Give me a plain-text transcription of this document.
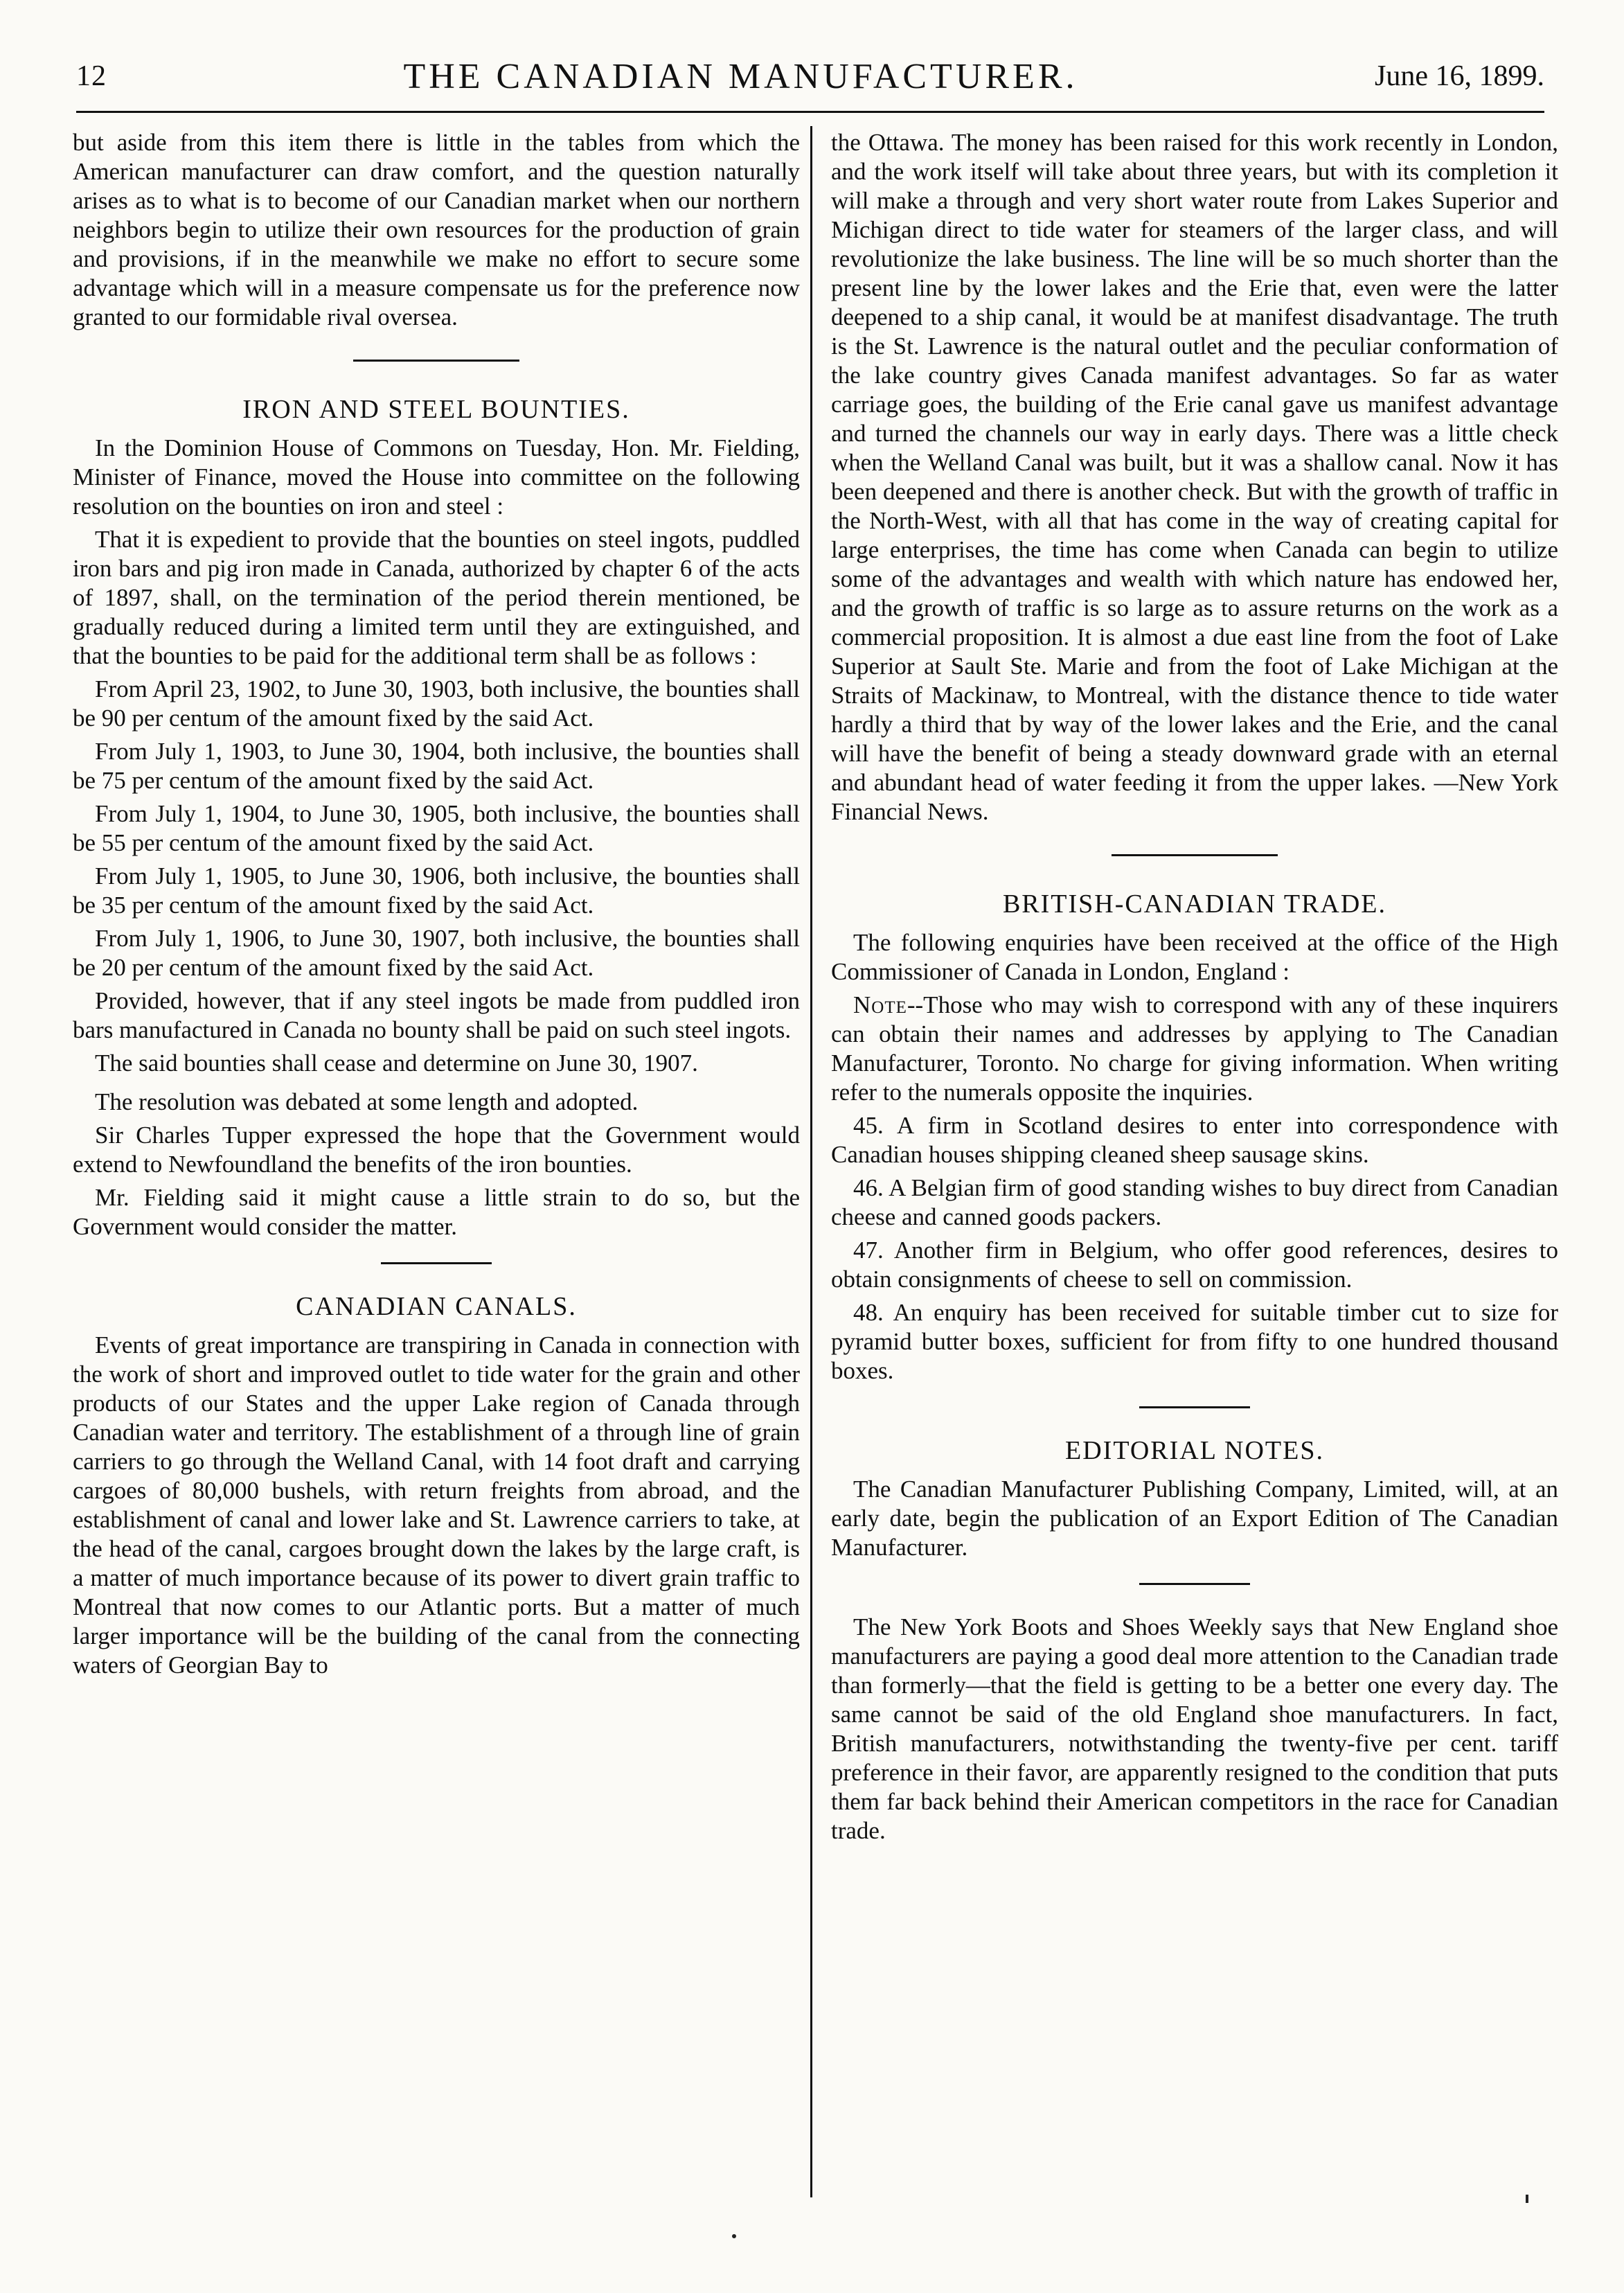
12	THE CANADIAN MANUFACTURER.	June 16, 1899.

but aside from this item there is little in the tables from which the American manufacturer can draw comfort, and the question naturally arises as to what is to become of our Canadian market when our northern neighbors begin to utilize their own resources for the production of grain and provisions, if in the meanwhile we make no effort to secure some advantage which will in a measure compensate us for the preference now granted to our formidable rival oversea.

IRON AND STEEL BOUNTIES.

In the Dominion House of Commons on Tuesday, Hon. Mr. Fielding, Minister of Finance, moved the House into committee on the following resolution on the bounties on iron and steel :

That it is expedient to provide that the bounties on steel ingots, puddled iron bars and pig iron made in Canada, authorized by chapter 6 of the acts of 1897, shall, on the termination of the period therein mentioned, be gradually reduced during a limited term until they are extinguished, and that the bounties to be paid for the additional term shall be as follows :

From April 23, 1902, to June 30, 1903, both inclusive, the bounties shall be 90 per centum of the amount fixed by the said Act.

From July 1, 1903, to June 30, 1904, both inclusive, the bounties shall be 75 per centum of the amount fixed by the said Act.

From July 1, 1904, to June 30, 1905, both inclusive, the bounties shall be 55 per centum of the amount fixed by the said Act.

From July 1, 1905, to June 30, 1906, both inclusive, the bounties shall be 35 per centum of the amount fixed by the said Act.

From July 1, 1906, to June 30, 1907, both inclusive, the bounties shall be 20 per centum of the amount fixed by the said Act.

Provided, however, that if any steel ingots be made from puddled iron bars manufactured in Canada no bounty shall be paid on such steel ingots.

The said bounties shall cease and determine on June 30, 1907.

The resolution was debated at some length and adopted.

Sir Charles Tupper expressed the hope that the Government would extend to Newfoundland the benefits of the iron bounties.

Mr. Fielding said it might cause a little strain to do so, but the Government would consider the matter.

CANADIAN CANALS.

Events of great importance are transpiring in Canada in connection with the work of short and improved outlet to tide water for the grain and other products of our States and the upper Lake region of Canada through Canadian water and territory. The establishment of a through line of grain carriers to go through the Welland Canal, with 14 foot draft and carrying cargoes of 80,000 bushels, with return freights from abroad, and the establishment of canal and lower lake and St. Lawrence carriers to take, at the head of the canal, cargoes brought down the lakes by the large craft, is a matter of much importance because of its power to divert grain traffic to Montreal that now comes to our Atlantic ports. But a matter of much larger importance will be the building of the canal from the connecting waters of Georgian Bay to

the Ottawa. The money has been raised for this work recently in London, and the work itself will take about three years, but with its completion it will make a through and very short water route from Lakes Superior and Michigan direct to tide water for steamers of the larger class, and will revolutionize the lake business. The line will be so much shorter than the present line by the lower lakes and the Erie that, even were the latter deepened to a ship canal, it would be at manifest disadvantage. The truth is the St. Lawrence is the natural outlet and the peculiar conformation of the lake country gives Canada manifest advantages. So far as water carriage goes, the building of the Erie canal gave us manifest advantage and turned the channels our way in early days. There was a little check when the Welland Canal was built, but it was a shallow canal. Now it has been deepened and there is another check. But with the growth of traffic in the North-West, with all that has come in the way of creating capital for large enterprises, the time has come when Canada can begin to utilize some of the advantages and wealth with which nature has endowed her, and the growth of traffic is so large as to assure returns on the work as a commercial proposition. It is almost a due east line from the foot of Lake Superior at Sault Ste. Marie and from the foot of Lake Michigan at the Straits of Mackinaw, to Montreal, with the distance thence to tide water hardly a third that by way of the lower lakes and the Erie, and the canal will have the benefit of being a steady downward grade with an eternal and abundant head of water feeding it from the upper lakes. —New York Financial News.

BRITISH-CANADIAN TRADE.

The following enquiries have been received at the office of the High Commissioner of Canada in London, England :

Note--Those who may wish to correspond with any of these inquirers can obtain their names and addresses by applying to The Canadian Manufacturer, Toronto. No charge for giving information. When writing refer to the numerals opposite the inquiries.

45. A firm in Scotland desires to enter into correspondence with Canadian houses shipping cleaned sheep sausage skins.

46. A Belgian firm of good standing wishes to buy direct from Canadian cheese and canned goods packers.

47. Another firm in Belgium, who offer good references, desires to obtain consignments of cheese to sell on commission.

48. An enquiry has been received for suitable timber cut to size for pyramid butter boxes, sufficient for from fifty to one hundred thousand boxes.

EDITORIAL NOTES.

The Canadian Manufacturer Publishing Company, Limited, will, at an early date, begin the publication of an Export Edition of The Canadian Manufacturer.

The New York Boots and Shoes Weekly says that New England shoe manufacturers are paying a good deal more attention to the Canadian trade than formerly—that the field is getting to be a better one every day. The same cannot be said of the old England shoe manufacturers. In fact, British manufacturers, notwithstanding the twenty-five per cent. tariff preference in their favor, are apparently resigned to the condition that puts them far back behind their American competitors in the race for Canadian trade.
